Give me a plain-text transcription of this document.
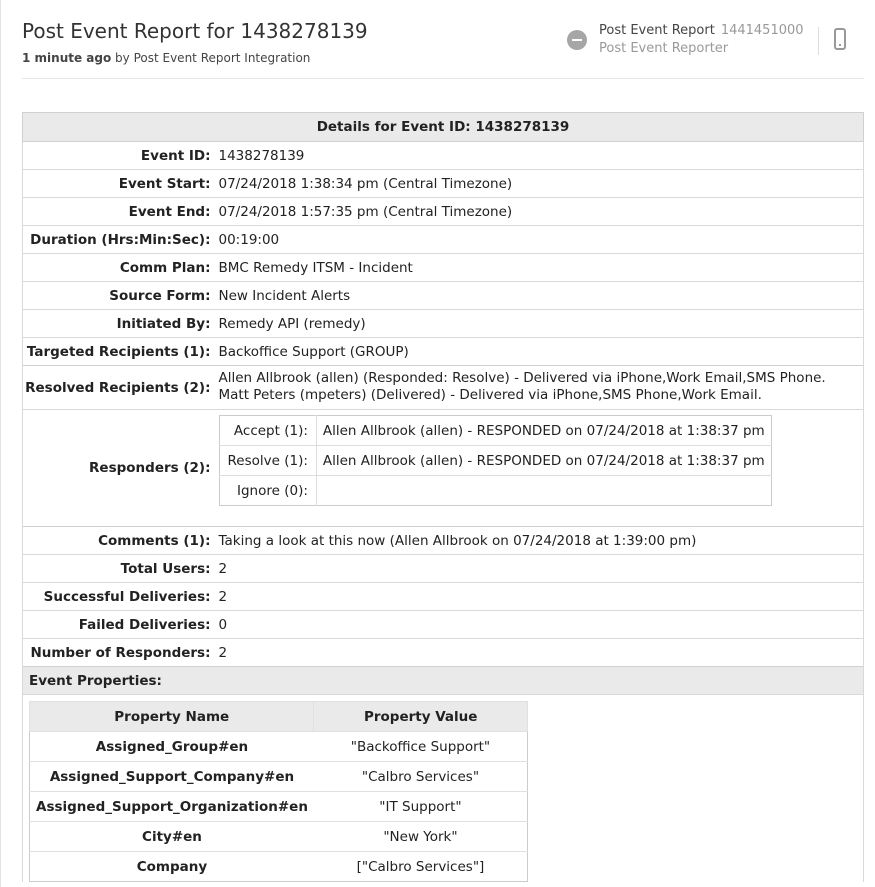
Post Event Report for 1438278139
1 minute ago by Post Event Report Integration
Post Event Report 1441451000
Post Event Reporter
Details for Event ID: 1438278139
Event ID:	1438278139
Event Start:	07/24/2018 1:38:34 pm (Central Timezone)
Event End:	07/24/2018 1:57:35 pm (Central Timezone)
Duration (Hrs:Min:Sec):	00:19:00
Comm Plan:	BMC Remedy ITSM - Incident
Source Form:	New Incident Alerts
Initiated By:	Remedy API (remedy)
Targeted Recipients (1):	Backoffice Support (GROUP)
Resolved Recipients (2):	
Allen Allbrook (allen) (Responded: Resolve) - Delivered via iPhone,Work Email,SMS Phone.
Matt Peters (mpeters) (Delivered) - Delivered via iPhone,SMS Phone,Work Email.

Responders (2):	
Accept (1):	Allen Allbrook (allen) - RESPONDED on 07/24/2018 at 1:38:37 pm
Resolve (1):	Allen Allbrook (allen) - RESPONDED on 07/24/2018 at 1:38:37 pm
Ignore (0):	

Comments (1):	Taking a look at this now (Allen Allbrook on 07/24/2018 at 1:39:00 pm)
Total Users:	2
Successful Deliveries:	2
Failed Deliveries:	0
Number of Responders:	2
Event Properties:

Property Name	Property Value
Assigned_Group#en	"Backoffice Support"
Assigned_Support_Company#en	"Calbro Services"
Assigned_Support_Organization#en	"IT Support"
City#en	"New York"
Company	["Calbro Services"]
